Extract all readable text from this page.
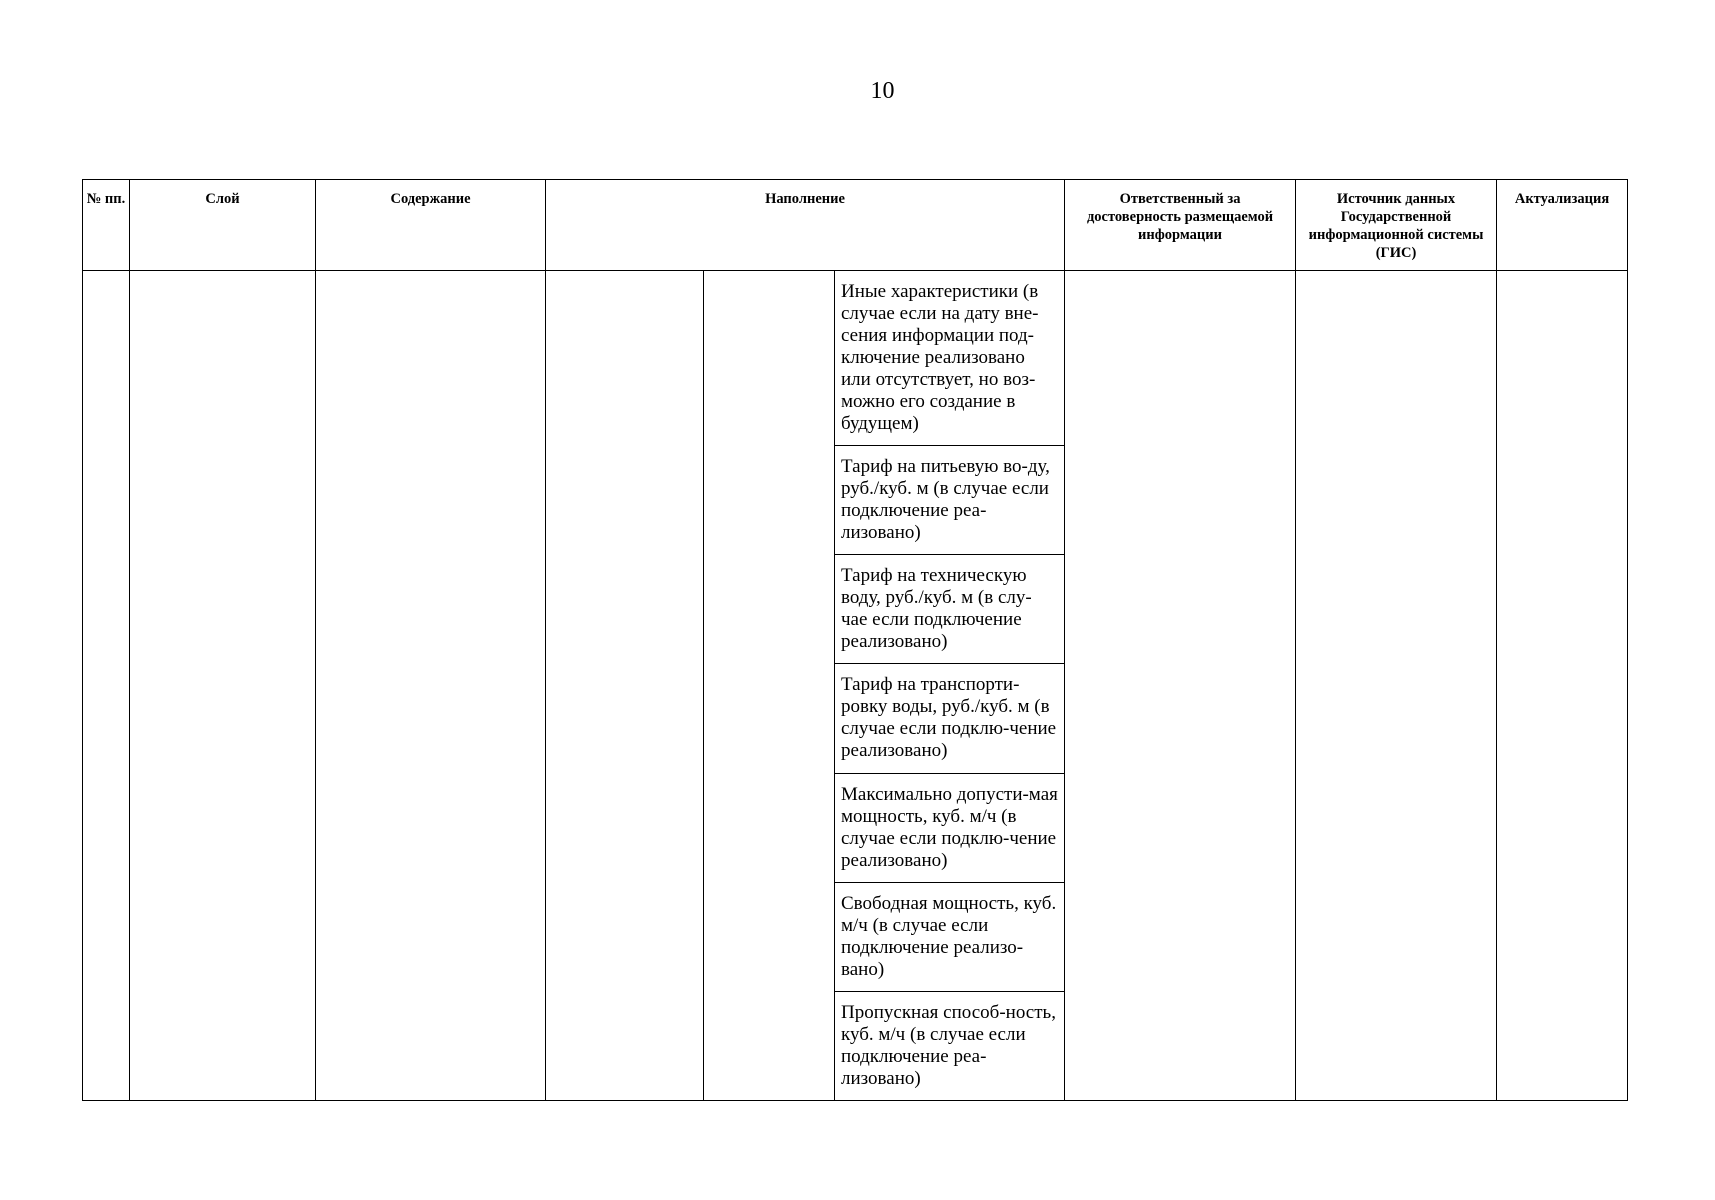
10
№ пп.	Слой	Содержание	Наполнение			Ответственный за достоверность размещаемой информации	Источник данных Государственной информационной системы (ГИС)	Актуализация
					Иные характеристики (в случае если на дату вне-сения информации под-ключение реализовано или отсутствует, но воз-можно его создание в будущем)			
					Тариф на питьевую во-ду, руб./куб. м (в случае если подключение реа-лизовано)			
					Тариф на техническую воду, руб./куб. м (в слу-чае если подключение реализовано)			
					Тариф на транспорти-ровку воды, руб./куб. м (в случае если подклю-чение реализовано)			
					Максимально допусти-мая мощность, куб. м/ч (в случае если подклю-чение реализовано)			
					Свободная мощность, куб. м/ч (в случае если подключение реализо-вано)			
					Пропускная способ-ность, куб. м/ч (в случае если подключение реа-лизовано)			
